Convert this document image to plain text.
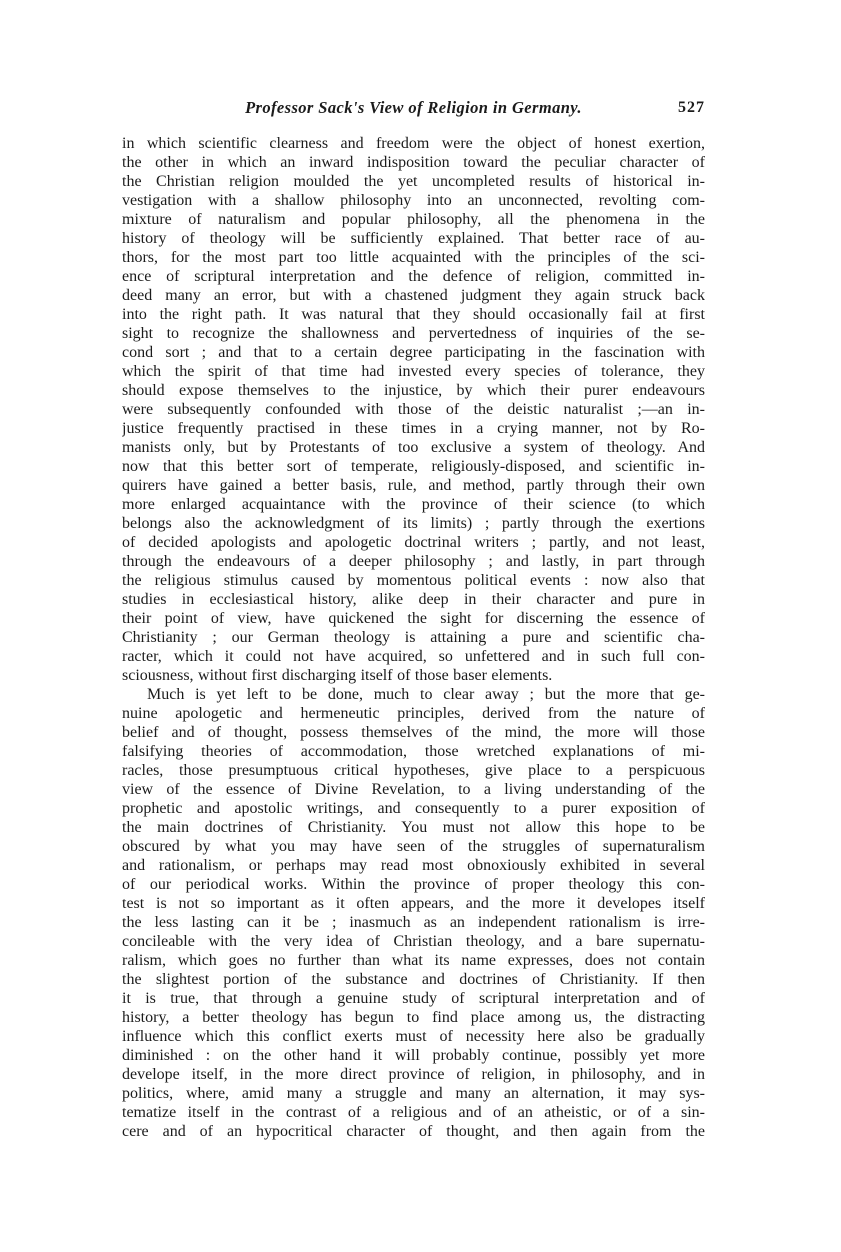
Professor Sack's View of Religion in Germany.	527
in which scientific clearness and freedom were the object of honest exertion,
the other in which an inward indisposition toward the peculiar character of
the Christian religion moulded the yet uncompleted results of historical in-
vestigation with a shallow philosophy into an unconnected, revolting com-
mixture of naturalism and popular philosophy, all the phenomena in the
history of theology will be sufficiently explained. That better race of au-
thors, for the most part too little acquainted with the principles of the sci-
ence of scriptural interpretation and the defence of religion, committed in-
deed many an error, but with a chastened judgment they again struck back
into the right path. It was natural that they should occasionally fail at first
sight to recognize the shallowness and pervertedness of inquiries of the se-
cond sort ; and that to a certain degree participating in the fascination with
which the spirit of that time had invested every species of tolerance, they
should expose themselves to the injustice, by which their purer endeavours
were subsequently confounded with those of the deistic naturalist ;—an in-
justice frequently practised in these times in a crying manner, not by Ro-
manists only, but by Protestants of too exclusive a system of theology. And
now that this better sort of temperate, religiously-disposed, and scientific in-
quirers have gained a better basis, rule, and method, partly through their own
more enlarged acquaintance with the province of their science (to which
belongs also the acknowledgment of its limits) ; partly through the exertions
of decided apologists and apologetic doctrinal writers ; partly, and not least,
through the endeavours of a deeper philosophy ; and lastly, in part through
the religious stimulus caused by momentous political events : now also that
studies in ecclesiastical history, alike deep in their character and pure in
their point of view, have quickened the sight for discerning the essence of
Christianity ; our German theology is attaining a pure and scientific cha-
racter, which it could not have acquired, so unfettered and in such full con-
sciousness, without first discharging itself of those baser elements.
Much is yet left to be done, much to clear away ; but the more that ge-
nuine apologetic and hermeneutic principles, derived from the nature of
belief and of thought, possess themselves of the mind, the more will those
falsifying theories of accommodation, those wretched explanations of mi-
racles, those presumptuous critical hypotheses, give place to a perspicuous
view of the essence of Divine Revelation, to a living understanding of the
prophetic and apostolic writings, and consequently to a purer exposition of
the main doctrines of Christianity. You must not allow this hope to be
obscured by what you may have seen of the struggles of supernaturalism
and rationalism, or perhaps may read most obnoxiously exhibited in several
of our periodical works. Within the province of proper theology this con-
test is not so important as it often appears, and the more it developes itself
the less lasting can it be ; inasmuch as an independent rationalism is irre-
concileable with the very idea of Christian theology, and a bare supernatu-
ralism, which goes no further than what its name expresses, does not contain
the slightest portion of the substance and doctrines of Christianity. If then
it is true, that through a genuine study of scriptural interpretation and of
history, a better theology has begun to find place among us, the distracting
influence which this conflict exerts must of necessity here also be gradually
diminished : on the other hand it will probably continue, possibly yet more
develope itself, in the more direct province of religion, in philosophy, and in
politics, where, amid many a struggle and many an alternation, it may sys-
tematize itself in the contrast of a religious and of an atheistic, or of a sin-
cere and of an hypocritical character of thought, and then again from the
